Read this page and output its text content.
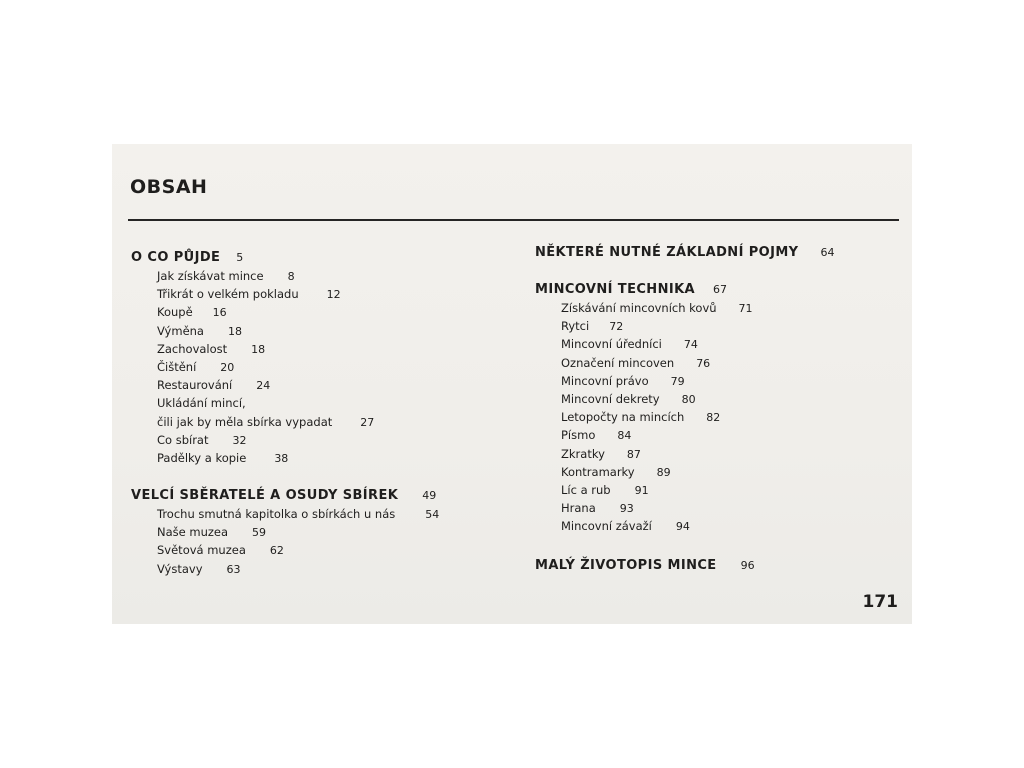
OBSAH
O CO PŮJDE 5
Jak získávat mince 8
Třikrát o velkém pokladu	12
Koupě 16
Výměna 18
Zachovalost 18
Čištění 20
Restaurování 24
Ukládání mincí,
čili jak by měla sbírka vypadat	27
Co sbírat 32
Padělky a kopie	38
VELCÍ SBĚRATELÉ A OSUDY SBÍREK 49
Trochu smutná kapitolka o sbírkách u nás	54
Naše muzea 59
Světová muzea 62
Výstavy 63
NĚKTERÉ NUTNÉ ZÁKLADNÍ POJMY 64
MINCOVNÍ TECHNIKA 67
Získávání mincovních kovů 71
Rytci 72
Mincovní úředníci 74
Označení mincoven 76
Mincovní právo 79
Mincovní dekrety 80
Letopočty na mincích 82
Písmo 84
Zkratky 87
Kontramarky 89
Líc a rub 91
Hrana 93
Mincovní závaží 94
MALÝ ŽIVOTOPIS MINCE 96
171
